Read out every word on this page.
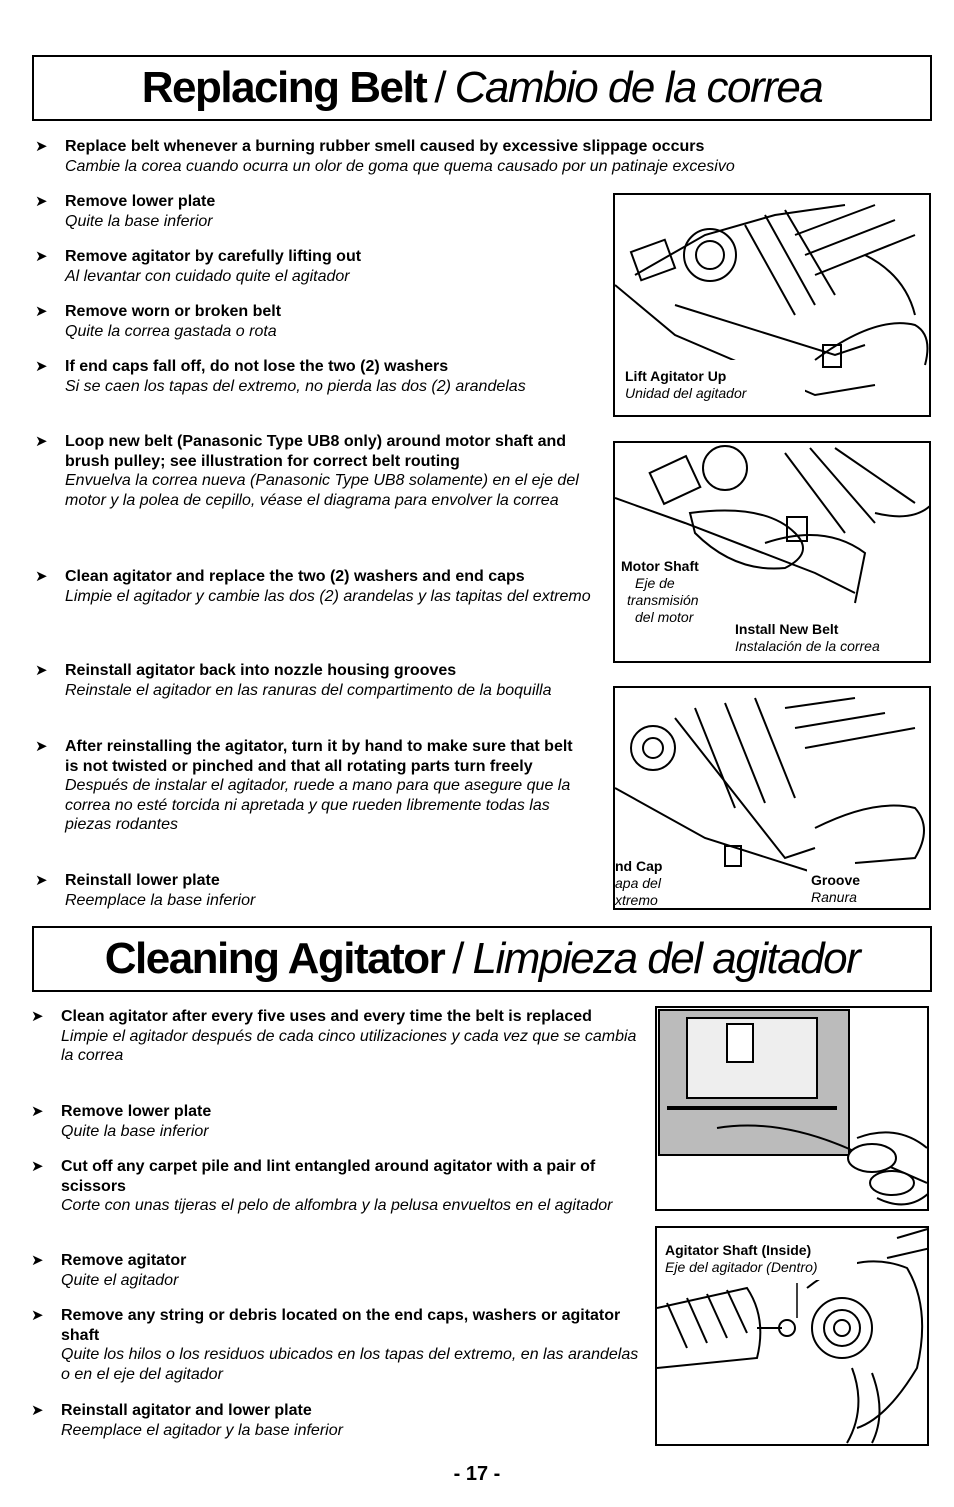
Replacing Belt / Cambio de la correa
➤	Replace belt whenever a burning rubber smell caused by excessive slippage occurs
Cambie la corea cuando ocurra un olor de goma que quema causado por un patinaje excesivo
➤	Remove lower plate
Quite la base inferior
➤	Remove agitator by carefully lifting out
Al levantar con cuidado quite el agitador
➤	Remove worn or broken belt
Quite la correa gastada o rota
➤	If end caps fall off, do not lose the two (2) washers
Si se caen los tapas del extremo, no pierda las dos (2) arandelas
➤	Loop new belt (Panasonic Type UB8 only) around motor shaft and brush pulley; see illustration for correct belt routing
Envuelva la correa nueva (Panasonic Type UB8 solamente) en el eje del motor y la polea de cepillo, véase el diagrama para envolver la correa
➤	Clean agitator and replace the two (2) washers and end caps
Limpie el agitador y cambie las dos (2) arandelas y las tapitas del extremo
➤	Reinstall agitator back into nozzle housing grooves
Reinstale el agitador en las ranuras del compartimento de la boquilla
➤	After reinstalling the agitator, turn it by hand to make sure that belt is not twisted or pinched and that all rotating parts turn freely
Después de instalar el agitador, ruede a mano para que asegure que la correa no esté torcida ni apretada y que rueden libremente todas las piezas rodantes
➤	Reinstall lower plate
Reemplace la base inferior
Lift Agitator Up
Unidad del agitador
Motor Shaft
Eje de
transmisión
del motor
Install New Belt
Instalación de la correa
nd Cap
apa del
xtremo
Groove
Ranura
Cleaning Agitator / Limpieza del agitador
➤	Clean agitator after every five uses and every time the belt is replaced
Limpie el agitador después de cada cinco utilizaciones y cada vez que se cambia la correa
➤	Remove lower plate
Quite la base inferior
➤	Cut off any carpet pile and lint entangled around agitator with a pair of scissors
Corte con unas tijeras el pelo de alfombra y la pelusa envueltos en el agitador
➤	Remove agitator
Quite el agitador
➤	Remove any string or debris located on the end caps, washers or agitator shaft
Quite los hilos o los residuos ubicados en los tapas del extremo, en las arandelas o en el eje del agitador
➤	Reinstall agitator and lower plate
Reemplace el agitador y la base inferior
Agitator Shaft (Inside)
Eje del agitador (Dentro)
- 17 -
